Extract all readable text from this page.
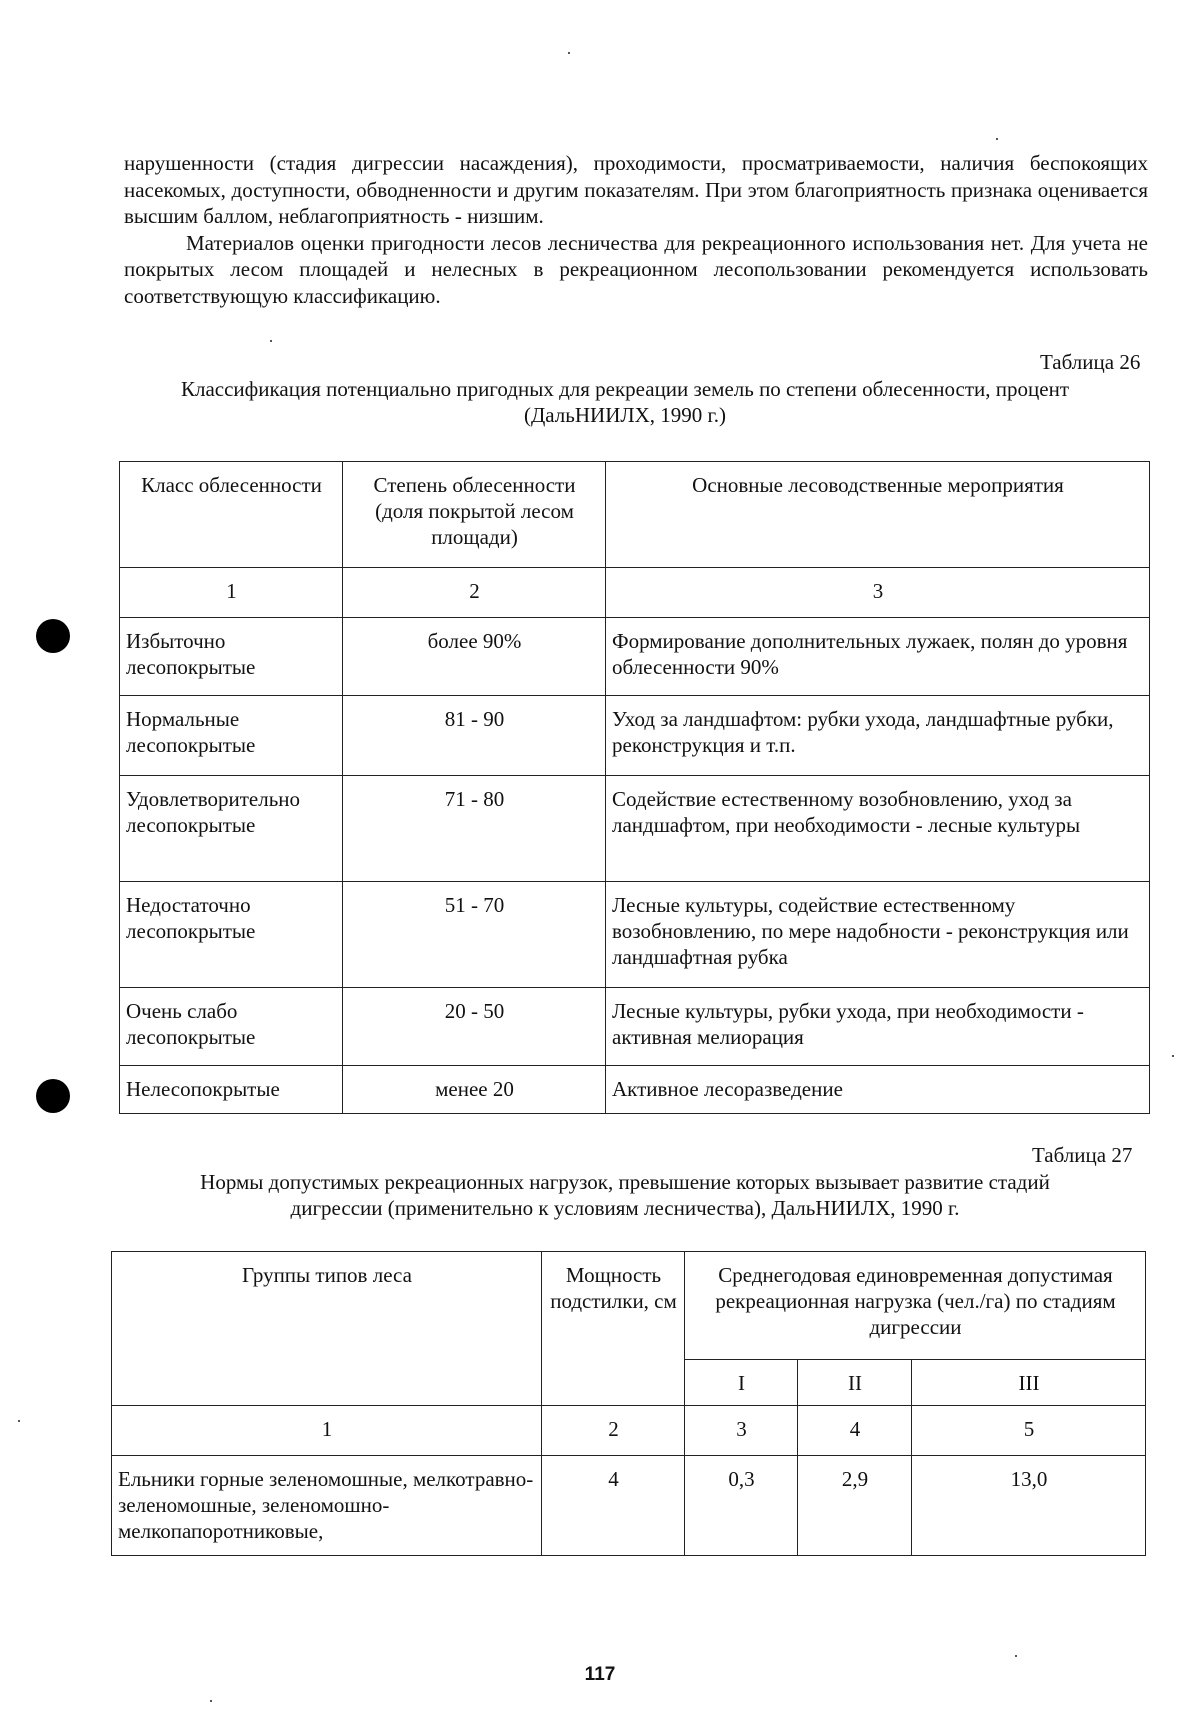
нарушенности (стадия дигрессии насаждения), проходимости, просматриваемости, наличия беспокоящих насекомых, доступности, обводненности и другим показателям. При этом благоприятность признака оценивается высшим баллом, неблагоприятность - низшим.

Материалов оценки пригодности лесов лесничества для рекреационного использования нет. Для учета не покрытых лесом площадей и нелесных в рекреационном лесопользовании рекомендуется использовать соответствующую классификацию.

Таблица 26
Классификация потенциально пригодных для рекреации земель по степени облесенности, процент
(ДальНИИЛХ, 1990 г.)
Класс облесенности	Степень облесенности (доля покрытой лесом площади)	Основные лесоводственные мероприятия
1	2	3
Избыточно лесопокрытые	более 90%	Формирование дополнительных лужаек, полян до уровня облесенности 90%
Нормальные лесопокрытые	81 - 90	Уход за ландшафтом: рубки ухода, ландшафтные рубки, реконструкция и т.п.
Удовлетворительно лесопокрытые	71 - 80	Содействие естественному возобновлению, уход за ландшафтом, при необходимости - лесные культуры
Недостаточно лесопокрытые	51 - 70	Лесные культуры, содействие естественному возобновлению, по мере надобности - реконструкция или ландшафтная рубка
Очень слабо лесопокрытые	20 - 50	Лесные культуры, рубки ухода, при необходимости - активная мелиорация
Нелесопокрытые	менее 20	Активное лесоразведение
Таблица 27
Нормы допустимых рекреационных нагрузок, превышение которых вызывает развитие стадий
дигрессии (применительно к условиям лесничества), ДальНИИЛХ, 1990 г.
Группы типов леса	Мощность подстилки, см	Среднегодовая единовременная допустимая рекреационная нагрузка (чел./га) по стадиям дигрессии		
		I	II	III
1	2	3	4	5
Ельники горные зеленомошные, мелкотравно-зеленомошные, зеленомошно-мелкопапоротниковые,	4	0,3	2,9	13,0
117
